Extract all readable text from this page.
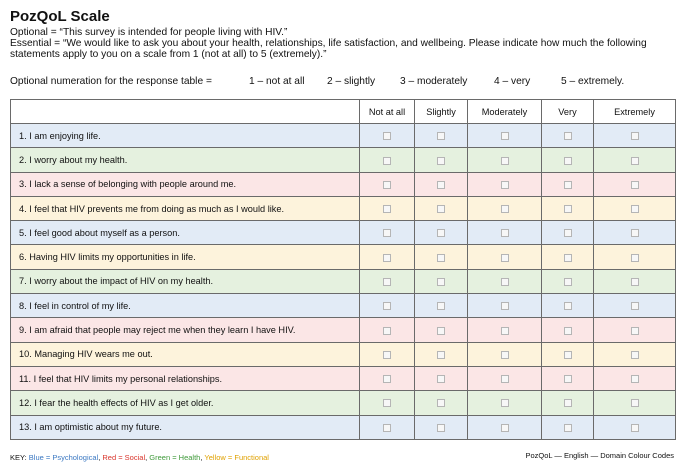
PozQoL Scale
Optional = “This survey is intended for people living with HIV.”
Essential = “We would like to ask you about your health, relationships, life satisfaction, and wellbeing. Please indicate how much the following statements apply to you on a scale from 1 (not at all) to 5 (extremely).”
Optional numeration for the response table =	1 – not at all 2 – slightly 3 – moderately	4 – very	5 – extremely.
	Not at all	Slightly	Moderately	Very	Extremely
1. I am enjoying life.					
2. I worry about my health.					
3. I lack a sense of belonging with people around me.					
4. I feel that HIV prevents me from doing as much as I would like.					
5. I feel good about myself as a person.					
6. Having HIV limits my opportunities in life.					
7. I worry about the impact of HIV on my health.					
8. I feel in control of my life.					
9. I am afraid that people may reject me when they learn I have HIV.					
10. Managing HIV wears me out.					
11. I feel that HIV limits my personal relationships.					
12. I fear the health effects of HIV as I get older.					
13. I am optimistic about my future.					
KEY: Blue = Psychological, Red = Social, Green = Health, Yellow = Functional	PozQoL — English — Domain Colour Codes
